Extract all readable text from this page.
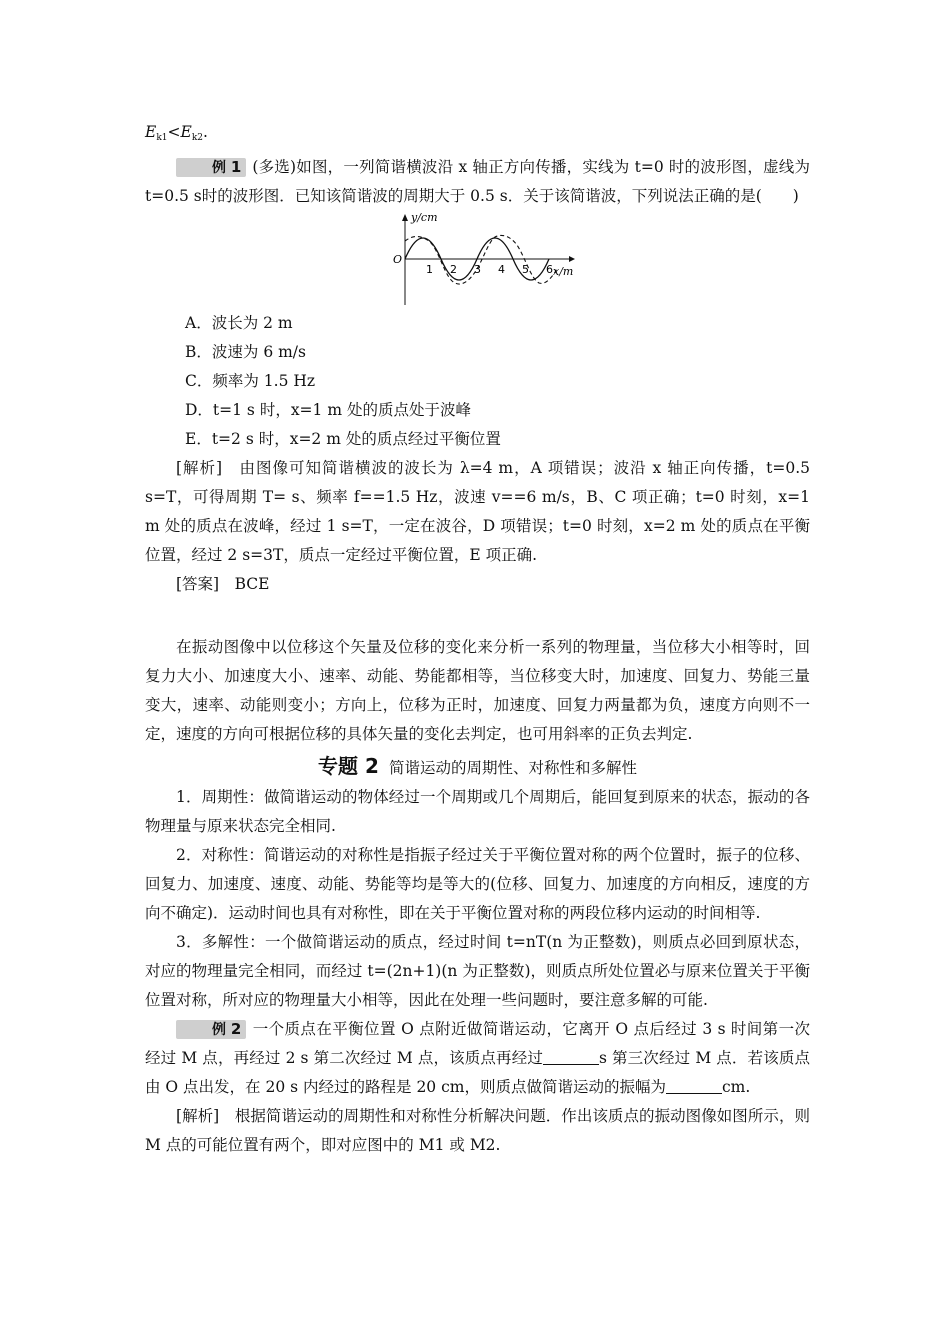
$E_{k1}<E_{k2}$.

例 1 (多选)如图，一列简谐横波沿 x 轴正方向传播，实线为 t=0 时的波形图，虚线为 t=0.5 s时的波形图．已知该简谐波的周期大于 0.5 s．关于该简谐波，下列说法正确的是(　　)

y/cm
x/m
O
1 2 3 4 5 6

A．波长为 2 m

B．波速为 6 m/s

C．频率为 1.5 Hz

D．t=1 s 时，x=1 m 处的质点处于波峰

E．t=2 s 时，x=2 m 处的质点经过平衡位置

[解析]　由图像可知简谐横波的波长为 λ=4 m，A 项错误；波沿 x 轴正向传播，t=0.5 s=T，可得周期 T= s、频率 f==1.5 Hz，波速 v==6 m/s，B、C 项正确；t=0 时刻，x=1 m 处的质点在波峰，经过 1 s=T，一定在波谷，D 项错误；t=0 时刻，x=2 m 处的质点在平衡位置，经过 2 s=3T，质点一定经过平衡位置，E 项正确.

[答案]　BCE

在振动图像中以位移这个矢量及位移的变化来分析一系列的物理量，当位移大小相等时，回复力大小、加速度大小、速率、动能、势能都相等，当位移变大时，加速度、回复力、势能三量变大，速率、动能则变小；方向上，位移为正时，加速度、回复力两量都为负，速度方向则不一定，速度的方向可根据位移的具体矢量的变化去判定，也可用斜率的正负去判定.

专题 2 简谐运动的周期性、对称性和多解性

1．周期性：做简谐运动的物体经过一个周期或几个周期后，能回复到原来的状态，振动的各物理量与原来状态完全相同.

2．对称性：简谐运动的对称性是指振子经过关于平衡位置对称的两个位置时，振子的位移、回复力、加速度、速度、动能、势能等均是等大的(位移、回复力、加速度的方向相反，速度的方向不确定)．运动时间也具有对称性，即在关于平衡位置对称的两段位移内运动的时间相等.

3．多解性：一个做简谐运动的质点，经过时间 t=nT(n 为正整数)，则质点必回到原状态，对应的物理量完全相同，而经过 t=(2n+1)(n 为正整数)，则质点所处位置必与原来位置关于平衡位置对称，所对应的物理量大小相等，因此在处理一些问题时，要注意多解的可能.

例 2 一个质点在平衡位置 O 点附近做简谐运动，它离开 O 点后经过 3 s 时间第一次经过 M 点，再经过 2 s 第二次经过 M 点，该质点再经过	s 第三次经过 M 点．若该质点由 O 点出发，在 20 s 内经过的路程是 20 cm，则质点做简谐运动的振幅为	cm.

[解析]　根据简谐运动的周期性和对称性分析解决问题．作出该质点的振动图像如图所示，则 M 点的可能位置有两个，即对应图中的 M1 或 M2.
